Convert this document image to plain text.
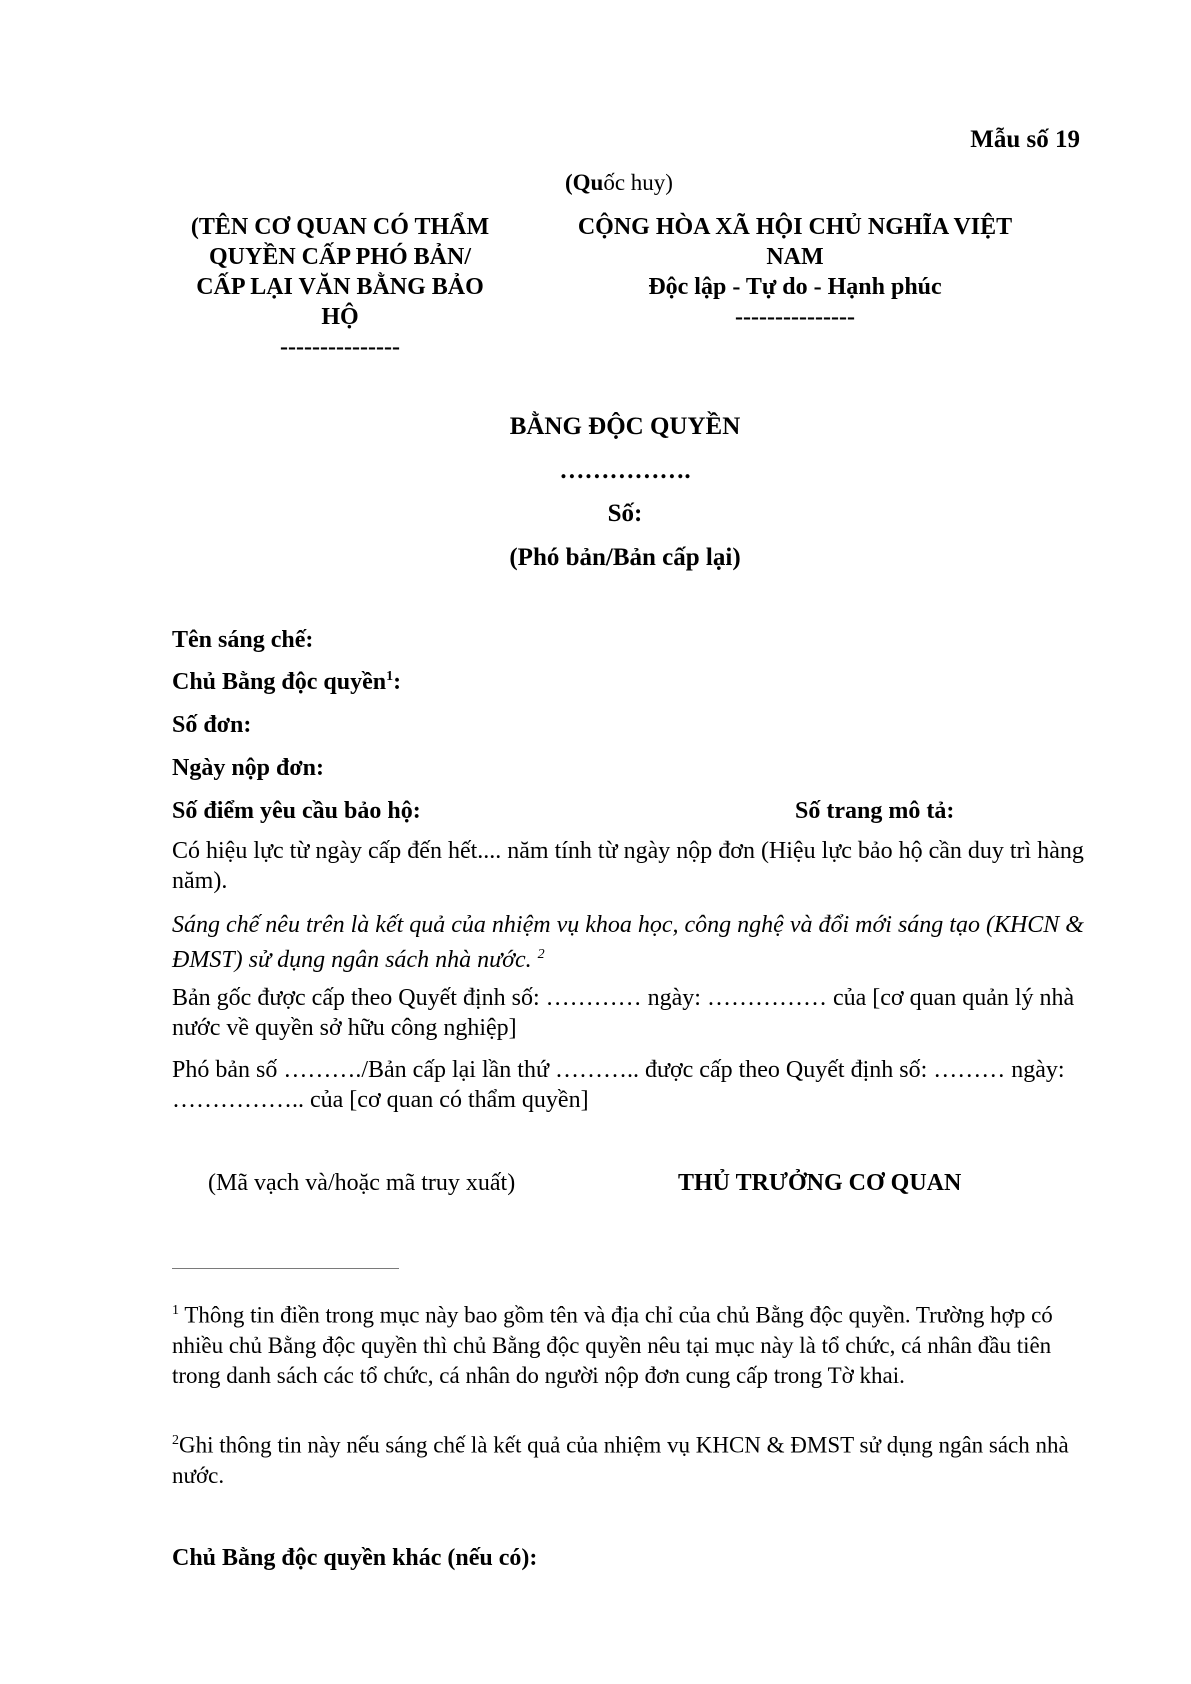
Mẫu số 19
(Quốc huy)
(TÊN CƠ QUAN CÓ THẨM
QUYỀN CẤP PHÓ BẢN/
CẤP LẠI VĂN BẰNG BẢO
HỘ
---------------
CỘNG HÒA XÃ HỘI CHỦ NGHĨA VIỆT
NAM
Độc lập - Tự do - Hạnh phúc
---------------
BẰNG ĐỘC QUYỀN
…………….
Số:
(Phó bản/Bản cấp lại)
Tên sáng chế:
Chủ Bằng độc quyền$^1$:
Số đơn:
Ngày nộp đơn:
Số điểm yêu cầu bảo hộ:	Số trang mô tả:
Có hiệu lực từ ngày cấp đến hết.... năm tính từ ngày nộp đơn (Hiệu lực bảo hộ cần duy trì hàng năm).
Sáng chế nêu trên là kết quả của nhiệm vụ khoa học, công nghệ và đổi mới sáng tạo (KHCN & ĐMST) sử dụng ngân sách nhà nước. $^2$
Bản gốc được cấp theo Quyết định số: ………… ngày: …………… của [cơ quan quản lý nhà nước về quyền sở hữu công nghiệp]
Phó bản số ………./Bản cấp lại lần thứ ……….. được cấp theo Quyết định số: ……… ngày: …………….. của [cơ quan có thẩm quyền]
(Mã vạch và/hoặc mã truy xuất)	THỦ TRƯỞNG CƠ QUAN
$^1$ Thông tin điền trong mục này bao gồm tên và địa chỉ của chủ Bằng độc quyền. Trường hợp có nhiều chủ Bằng độc quyền thì chủ Bằng độc quyền nêu tại mục này là tổ chức, cá nhân đầu tiên trong danh sách các tổ chức, cá nhân do người nộp đơn cung cấp trong Tờ khai.
$^2$Ghi thông tin này nếu sáng chế là kết quả của nhiệm vụ KHCN & ĐMST sử dụng ngân sách nhà nước.
Chủ Bằng độc quyền khác (nếu có):
